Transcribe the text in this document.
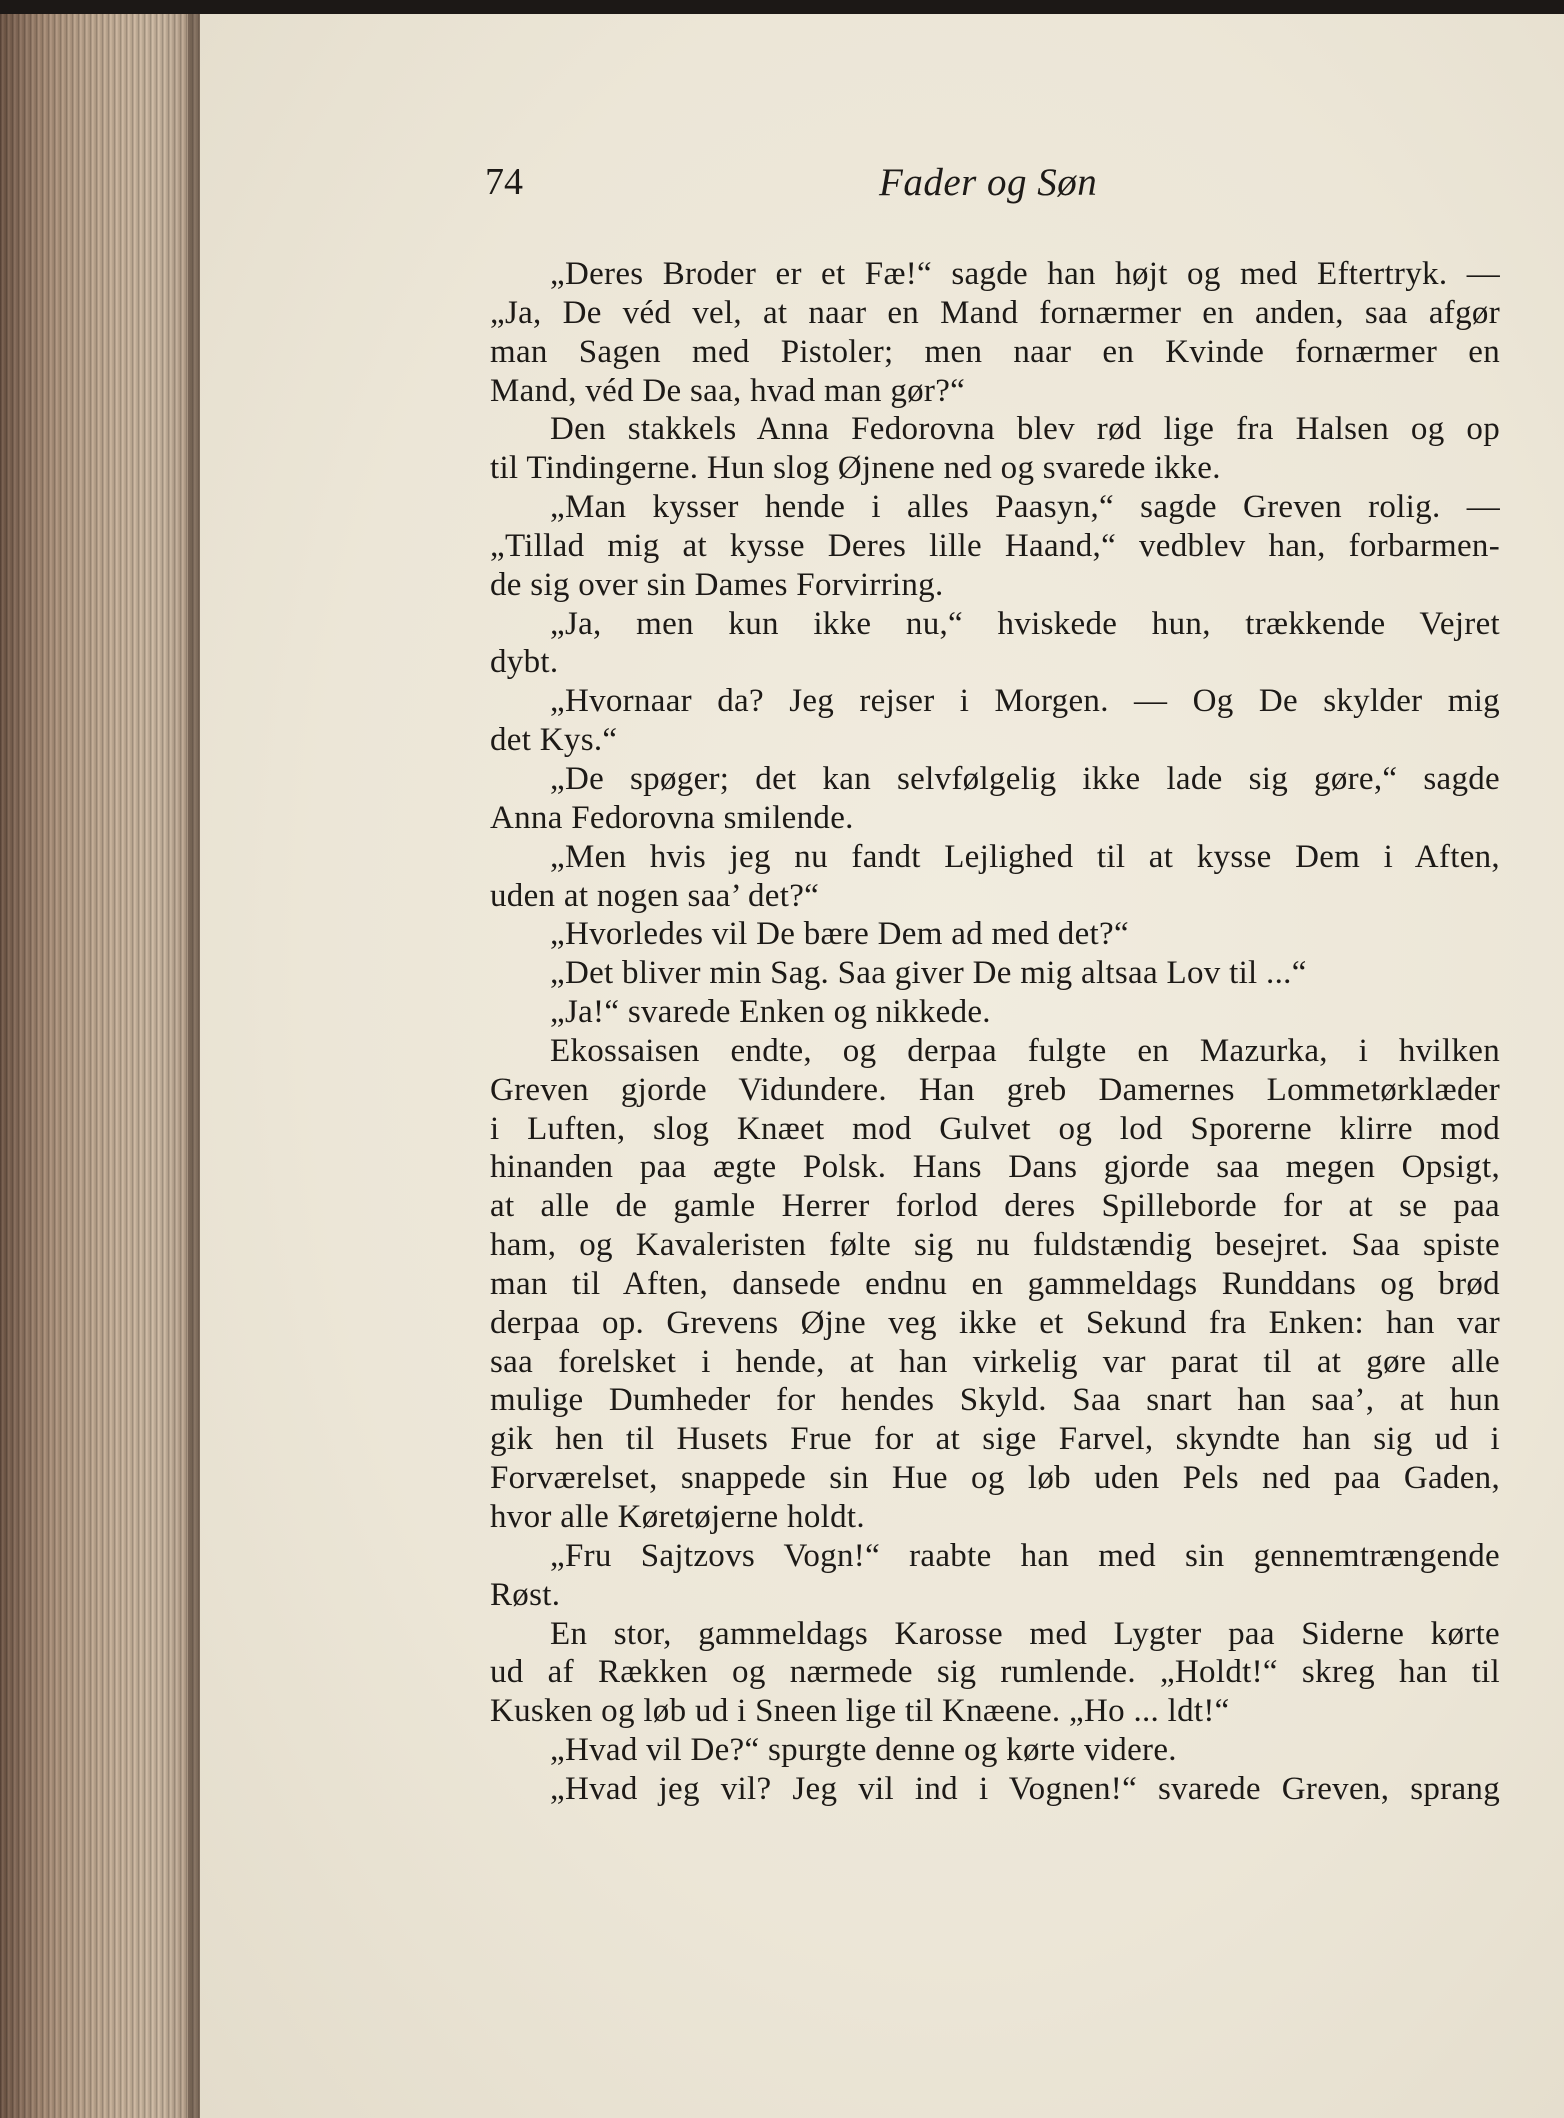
74	Fader og Søn
„Deres Broder er et Fæ!“ sagde han højt og med Eftertryk. —
„Ja, De véd vel, at naar en Mand fornærmer en anden, saa afgør
man Sagen med Pistoler; men naar en Kvinde fornærmer en
Mand, véd De saa, hvad man gør?“
Den stakkels Anna Fedorovna blev rød lige fra Halsen og op
til Tindingerne. Hun slog Øjnene ned og svarede ikke.
„Man kysser hende i alles Paasyn,“ sagde Greven rolig. —
„Tillad mig at kysse Deres lille Haand,“ vedblev han, forbarmen-
de sig over sin Dames Forvirring.
„Ja, men kun ikke nu,“ hviskede hun, trækkende Vejret
dybt.
„Hvornaar da? Jeg rejser i Morgen. — Og De skylder mig
det Kys.“
„De spøger; det kan selvfølgelig ikke lade sig gøre,“ sagde
Anna Fedorovna smilende.
„Men hvis jeg nu fandt Lejlighed til at kysse Dem i Aften,
uden at nogen saa’ det?“
„Hvorledes vil De bære Dem ad med det?“
„Det bliver min Sag. Saa giver De mig altsaa Lov til ...“
„Ja!“ svarede Enken og nikkede.
Ekossaisen endte, og derpaa fulgte en Mazurka, i hvilken
Greven gjorde Vidundere. Han greb Damernes Lommetørklæder
i Luften, slog Knæet mod Gulvet og lod Sporerne klirre mod
hinanden paa ægte Polsk. Hans Dans gjorde saa megen Opsigt,
at alle de gamle Herrer forlod deres Spilleborde for at se paa
ham, og Kavaleristen følte sig nu fuldstændig besejret. Saa spiste
man til Aften, dansede endnu en gammeldags Runddans og brød
derpaa op. Grevens Øjne veg ikke et Sekund fra Enken: han var
saa forelsket i hende, at han virkelig var parat til at gøre alle
mulige Dumheder for hendes Skyld. Saa snart han saa’, at hun
gik hen til Husets Frue for at sige Farvel, skyndte han sig ud i
Forværelset, snappede sin Hue og løb uden Pels ned paa Gaden,
hvor alle Køretøjerne holdt.
„Fru Sajtzovs Vogn!“ raabte han med sin gennemtrængende
Røst.
En stor, gammeldags Karosse med Lygter paa Siderne kørte
ud af Rækken og nærmede sig rumlende. „Holdt!“ skreg han til
Kusken og løb ud i Sneen lige til Knæene. „Ho ... ldt!“
„Hvad vil De?“ spurgte denne og kørte videre.
„Hvad jeg vil? Jeg vil ind i Vognen!“ svarede Greven, sprang
